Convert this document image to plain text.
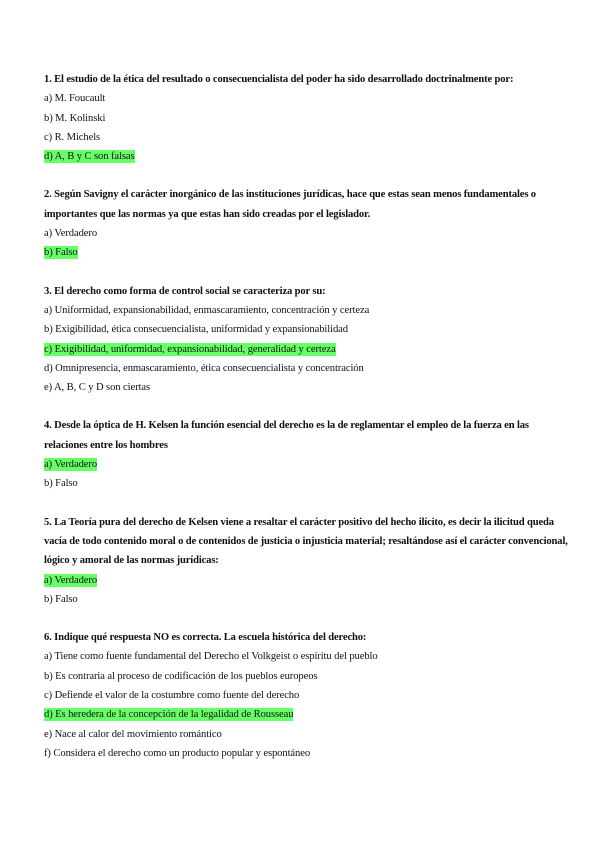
1. El estudio de la ética del resultado o consecuencialista del poder ha sido desarrollado doctrinalmente por:

a) M. Foucault
b) M. Kolinski
c) R. Michels
d) A, B y C son falsas

2. Según Savigny el carácter inorgánico de las instituciones jurídicas, hace que estas sean menos fundamentales o importantes que las normas ya que estas han sido creadas por el legislador.

a) Verdadero
b) Falso

3. El derecho como forma de control social se caracteriza por su:

a) Uniformidad, expansionabilidad, enmascaramiento, concentración y certeza
b) Exigibilidad, ética consecuencialista, uniformidad y expansionabilidad
c) Exigibilidad, uniformidad, expansionabilidad, generalidad y certeza
d) Omnipresencia, enmascaramiento, ética consecuencialista y concentración
e) A, B, C y D son ciertas

4. Desde la óptica de H. Kelsen la función esencial del derecho es la de reglamentar el empleo de la fuerza en las relaciones entre los hombres

a) Verdadero
b) Falso

5. La Teoría pura del derecho de Kelsen viene a resaltar el carácter positivo del hecho ilícito, es decir la ilicitud queda vacía de todo contenido moral o de contenidos de justicia o injusticia material; resaltándose así el carácter convencional, lógico y amoral de las normas jurídicas:

a) Verdadero
b) Falso

6. Indique qué respuesta NO es correcta. La escuela histórica del derecho:

a) Tiene como fuente fundamental del Derecho el Volkgeist o espíritu del pueblo
b) Es contraria al proceso de codificación de los pueblos europeos
c) Defiende el valor de la costumbre como fuente del derecho
d) Es heredera de la concepción de la legalidad de Rousseau
e) Nace al calor del movimiento romántico
f) Considera el derecho como un producto popular y espontáneo
